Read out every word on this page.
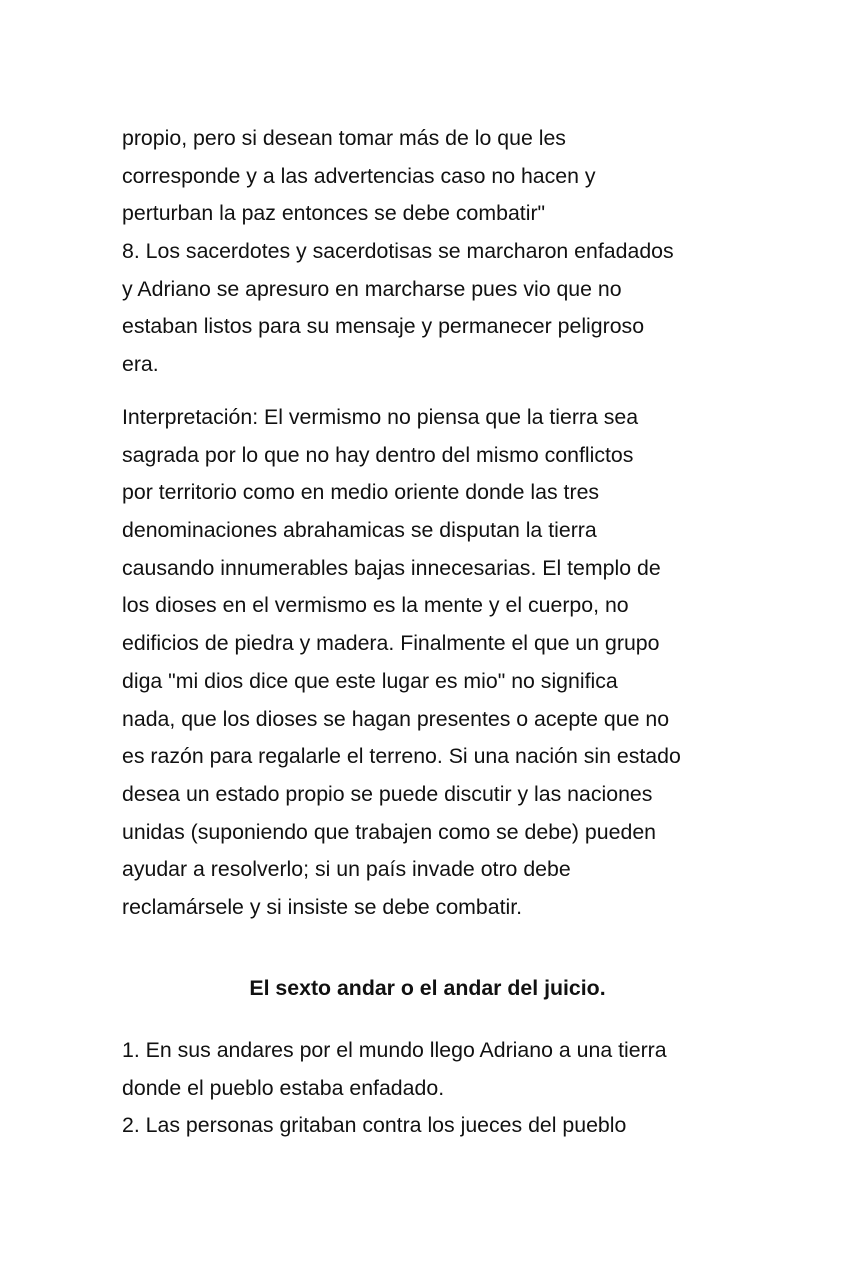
propio, pero si desean tomar más de lo que les
corresponde y a las advertencias caso no hacen y
perturban la paz entonces se debe combatir"
8. Los sacerdotes y sacerdotisas se marcharon enfadados
y Adriano se apresuro en marcharse pues vio que no
estaban listos para su mensaje y permanecer peligroso
era.
Interpretación: El vermismo no piensa que la tierra sea
sagrada por lo que no hay dentro del mismo conflictos
por territorio como en medio oriente donde las tres
denominaciones abrahamicas se disputan la tierra
causando innumerables bajas innecesarias. El templo de
los dioses en el vermismo es la mente y el cuerpo, no
edificios de piedra y madera. Finalmente el que un grupo
diga "mi dios dice que este lugar es mio" no significa
nada, que los dioses se hagan presentes o acepte que no
es razón para regalarle el terreno. Si una nación sin estado
desea un estado propio se puede discutir y las naciones
unidas (suponiendo que trabajen como se debe) pueden
ayudar a resolverlo; si un país invade otro debe
reclamársele y si insiste se debe combatir.
El sexto andar o el andar del juicio.
1. En sus andares por el mundo llego Adriano a una tierra
donde el pueblo estaba enfadado.
2. Las personas gritaban contra los jueces del pueblo
